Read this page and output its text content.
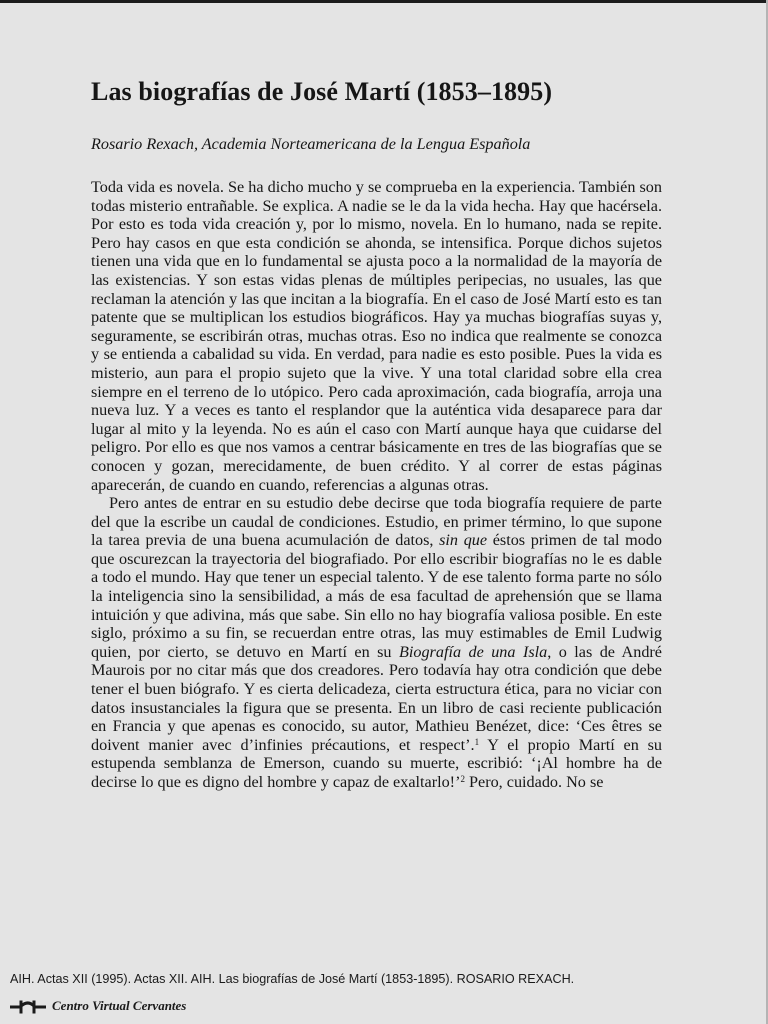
Las biografías de José Martí (1853–1895)

Rosario Rexach, Academia Norteamericana de la Lengua Española

Toda vida es novela. Se ha dicho mucho y se comprueba en la experiencia. También son todas misterio entrañable. Se explica. A nadie se le da la vida hecha. Hay que hacérsela. Por esto es toda vida creación y, por lo mismo, novela. En lo humano, nada se repite. Pero hay casos en que esta condición se ahonda, se intensifica. Porque dichos sujetos tienen una vida que en lo fundamental se ajusta poco a la normalidad de la mayoría de las existencias. Y son estas vidas plenas de múltiples peripecias, no usuales, las que reclaman la atención y las que incitan a la biografía. En el caso de José Martí esto es tan patente que se multiplican los estudios biográficos. Hay ya muchas biografías suyas y, seguramente, se escribirán otras, muchas otras. Eso no indica que realmente se conozca y se entienda a cabalidad su vida. En verdad, para nadie es esto posible. Pues la vida es misterio, aun para el propio sujeto que la vive. Y una total claridad sobre ella crea siempre en el terreno de lo utópico. Pero cada aproximación, cada biografía, arroja una nueva luz. Y a veces es tanto el resplandor que la auténtica vida desaparece para dar lugar al mito y la leyenda. No es aún el caso con Martí aunque haya que cuidarse del peligro. Por ello es que nos vamos a centrar básicamente en tres de las biografías que se conocen y gozan, merecidamente, de buen crédito. Y al correr de estas páginas aparecerán, de cuando en cuando, referencias a algunas otras.

Pero antes de entrar en su estudio debe decirse que toda biografía requiere de parte del que la escribe un caudal de condiciones. Estudio, en primer término, lo que supone la tarea previa de una buena acumulación de datos, sin que éstos primen de tal modo que oscurezcan la trayectoria del biografiado. Por ello escribir biografías no le es dable a todo el mundo. Hay que tener un especial talento. Y de ese talento forma parte no sólo la inteligencia sino la sensibilidad, a más de esa facultad de aprehensión que se llama intuición y que adivina, más que sabe. Sin ello no hay biografía valiosa posible. En este siglo, próximo a su fin, se recuerdan entre otras, las muy estimables de Emil Ludwig quien, por cierto, se detuvo en Martí en su Biografía de una Isla, o las de André Maurois por no citar más que dos creadores. Pero todavía hay otra condición que debe tener el buen biógrafo. Y es cierta delicadeza, cierta estructura ética, para no viciar con datos insustanciales la figura que se presenta. En un libro de casi reciente publicación en Francia y que apenas es conocido, su autor, Mathieu Benézet, dice: ‘Ces êtres se doivent manier avec d’infinies précautions, et respect’.$^1$ Y el propio Martí en su estupenda semblanza de Emerson, cuando su muerte, escribió: ‘¡Al hombre ha de decirse lo que es digno del hombre y capaz de exaltarlo!’$^2$ Pero, cuidado. No se

AIH. Actas XII (1995). Actas XII. AIH. Las biografías de José Martí (1853-1895). ROSARIO REXACH.

Centro Virtual Cervantes
